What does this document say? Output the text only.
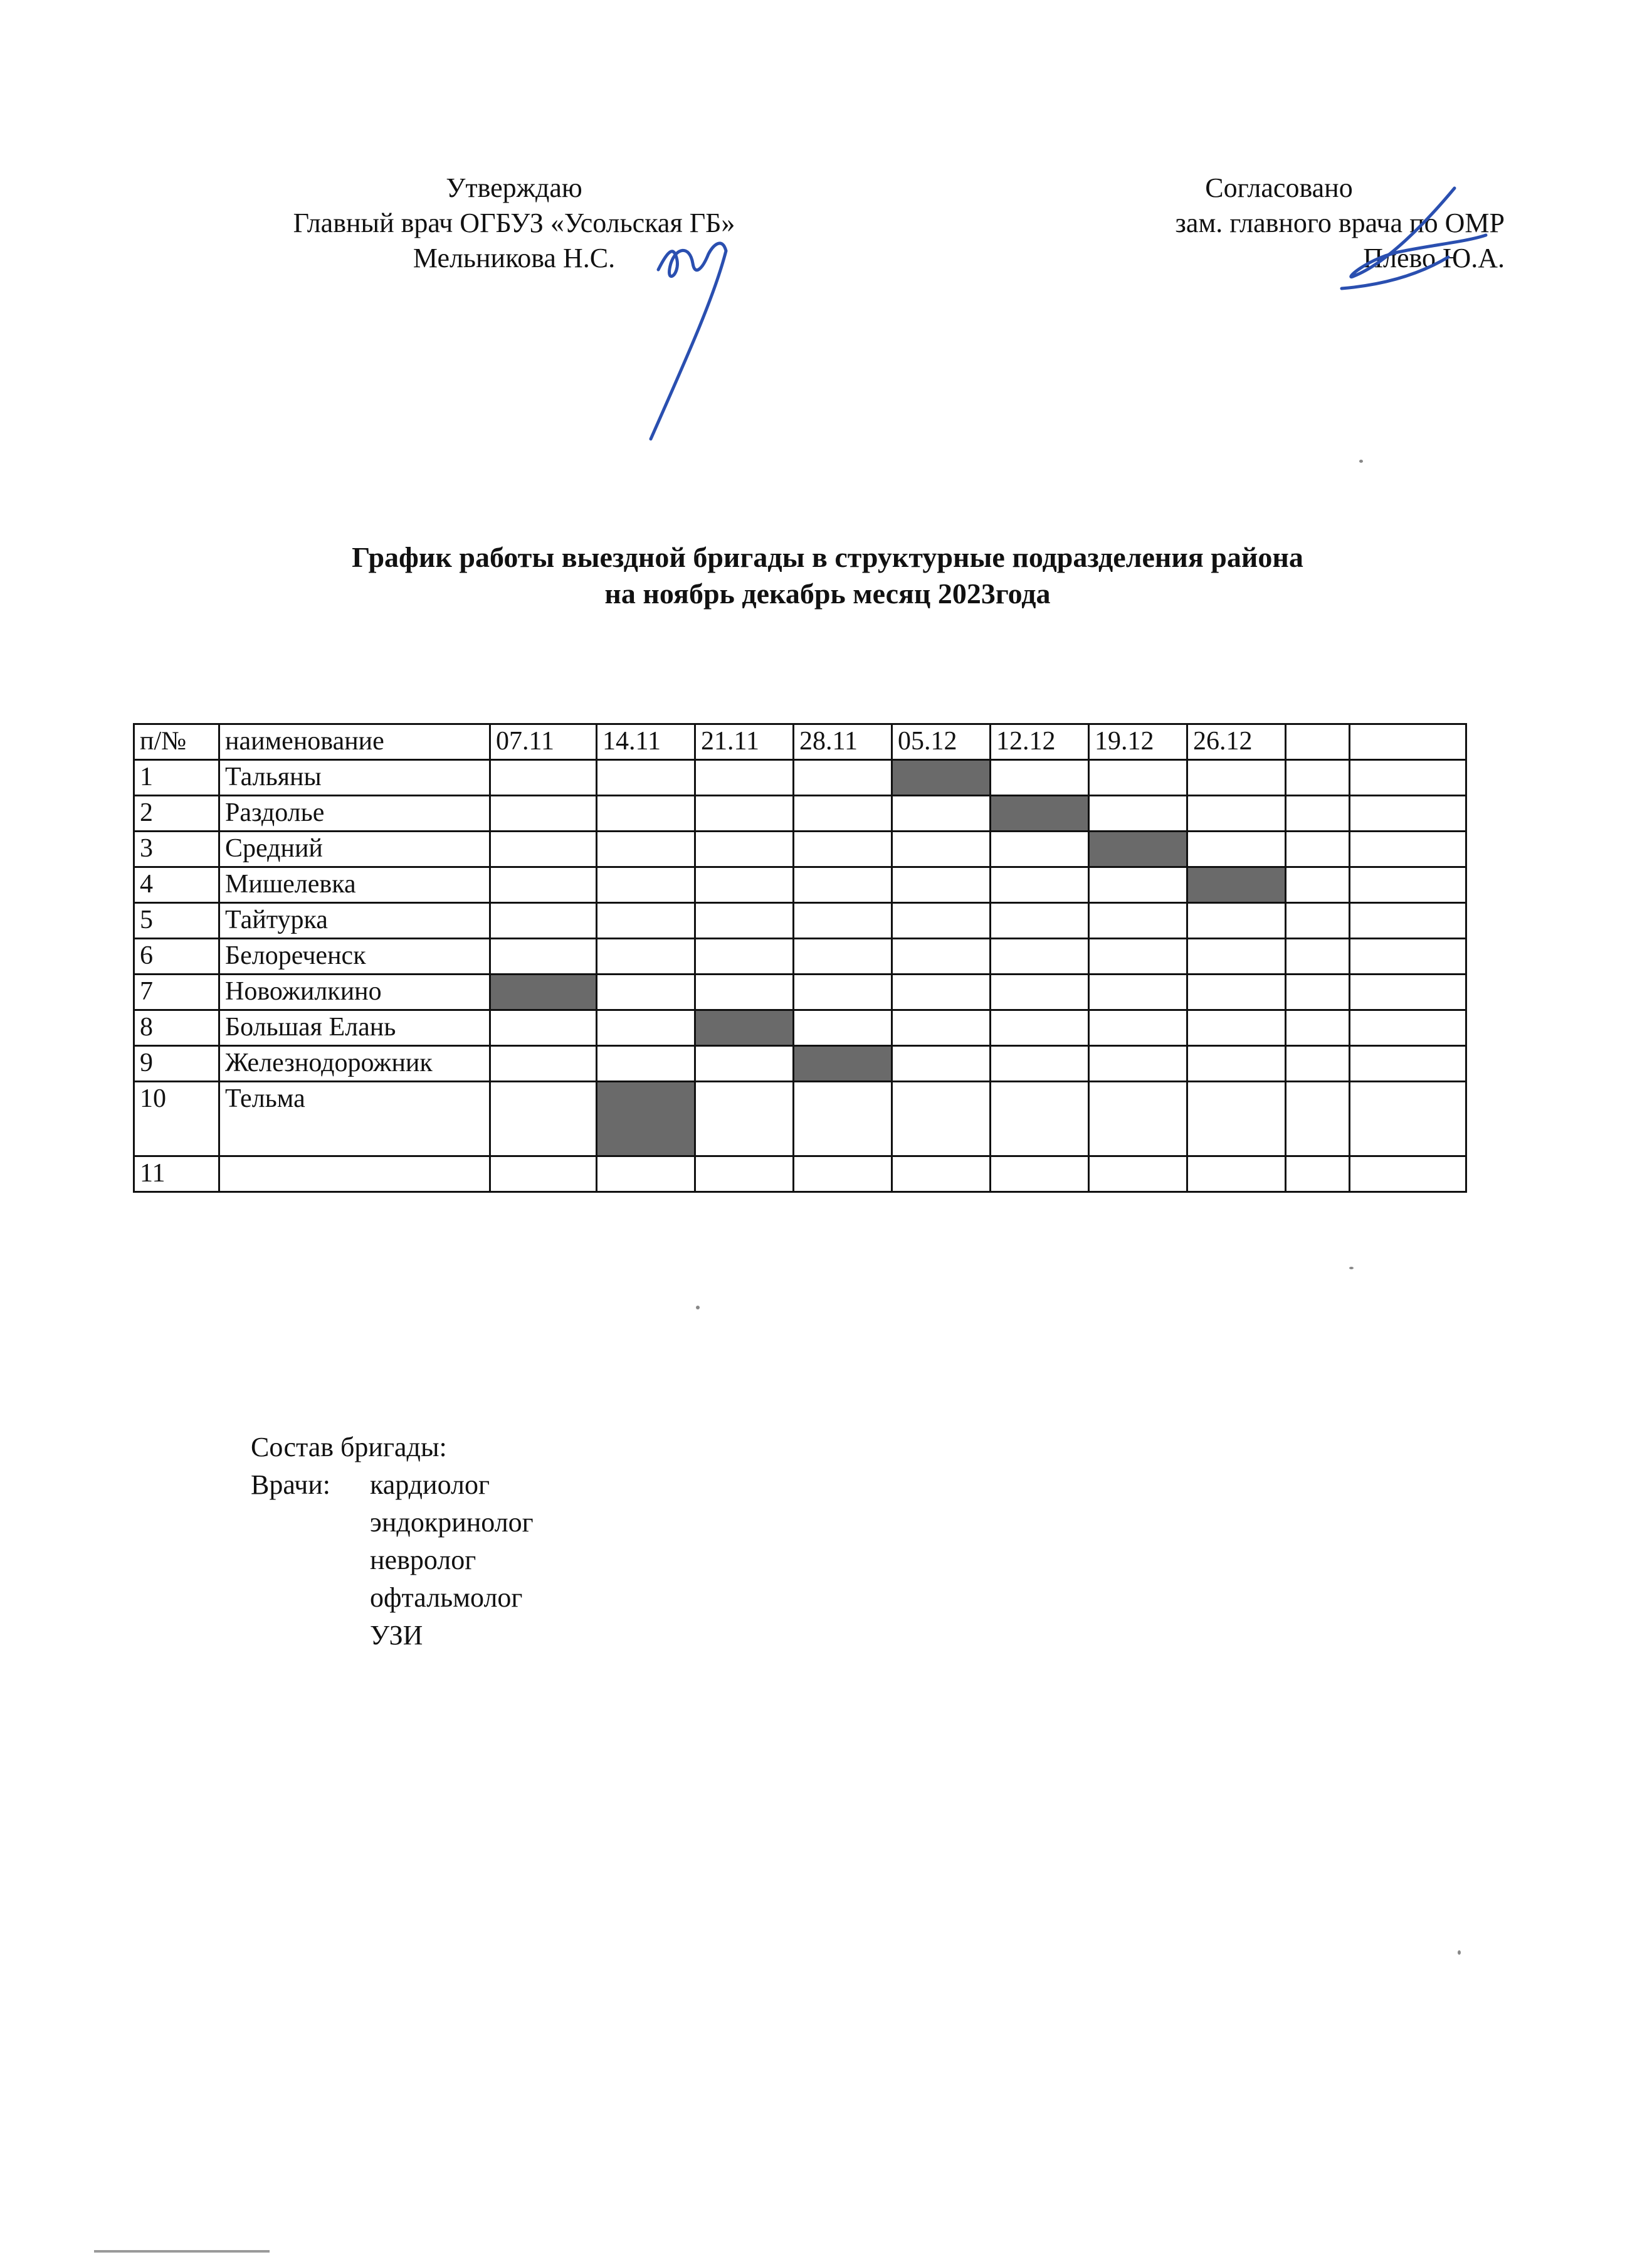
Утверждаю
Главный врач ОГБУЗ «Усольская ГБ»
Мельникова Н.С.
Согласовано
зам. главного врача по ОМР
Плево Ю.А.
График работы выездной бригады в структурные подразделения района
на ноябрь декабрь месяц 2023года
п/№	наименование	07.11	14.11	21.11	28.11	05.12	12.12	19.12	26.12		
1	Тальяны										
2	Раздолье										
3	Средний										
4	Мишелевка										
5	Тайтурка										
6	Белореченск										
7	Новожилкино										
8	Большая Елань										
9	Железнодорожник										
10	Тельма										
11											
Состав бригады:
Врачи:	кардиолог
эндокринолог
невролог
офтальмолог
УЗИ
